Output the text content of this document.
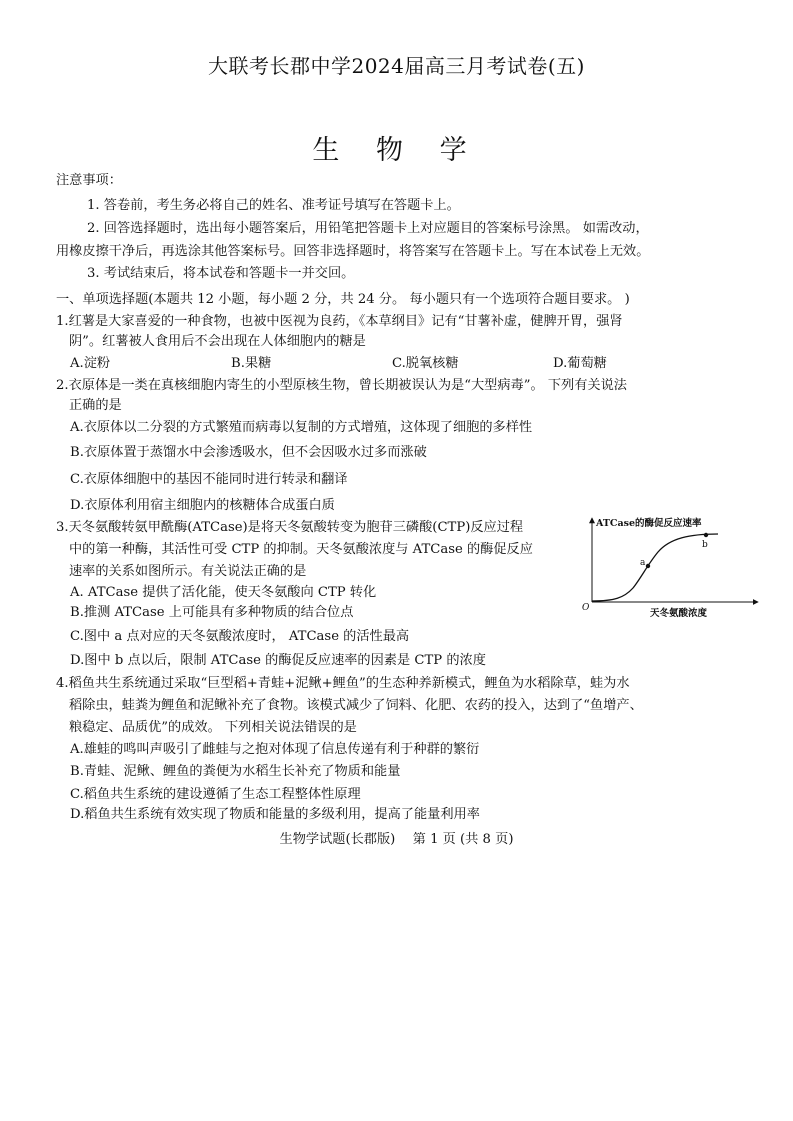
大联考长郡中学2024届高三月考试卷(五)
生 物 学
注意事项：
1. 答卷前，考生务必将自己的姓名、准考证号填写在答题卡上。
2. 回答选择题时，选出每小题答案后，用铅笔把答题卡上对应题目的答案标号涂黑。 如需改动，
用橡皮擦干净后，再选涂其他答案标号。回答非选择题时，将答案写在答题卡上。写在本试卷上无效。
3. 考试结束后，将本试卷和答题卡一并交回。
一、单项选择题(本题共 12 小题，每小题 2 分，共 24 分。 每小题只有一个选项符合题目要求。 )
1.红薯是大家喜爱的一种食物，也被中医视为良药，《本草纲目》记有“甘薯补虚，健脾开胃，强肾
阴”。红薯被人食用后不会出现在人体细胞内的糖是
A.淀粉	B.果糖	C.脱氧核糖	D.葡萄糖
2.衣原体是一类在真核细胞内寄生的小型原核生物，曾长期被误认为是“大型病毒”。 下列有关说法
正确的是
A.衣原体以二分裂的方式繁殖而病毒以复制的方式增殖，这体现了细胞的多样性
B.衣原体置于蒸馏水中会渗透吸水，但不会因吸水过多而涨破
C.衣原体细胞中的基因不能同时进行转录和翻译
D.衣原体利用宿主细胞内的核糖体合成蛋白质
3.天冬氨酸转氨甲酰酶(ATCase)是将天冬氨酸转变为胞苷三磷酸(CTP)反应过程
中的第一种酶，其活性可受 CTP 的抑制。天冬氨酸浓度与 ATCase 的酶促反应
速率的关系如图所示。有关说法正确的是
A. ATCase 提供了活化能，使天冬氨酸向 CTP 转化
B.推测 ATCase 上可能具有多种物质的结合位点
C.图中 a 点对应的天冬氨酸浓度时， ATCase 的活性最高
D.图中 b 点以后，限制 ATCase 的酶促反应速率的因素是 CTP 的浓度
a
b
ATCase的酶促反应速率
天冬氨酸浓度
O
4.稻鱼共生系统通过采取“巨型稻+青蛙+泥鳅+鲤鱼”的生态种养新模式，鲤鱼为水稻除草，蛙为水
稻除虫，蛙粪为鲤鱼和泥鳅补充了食物。该模式减少了饲料、化肥、农药的投入，达到了“鱼增产、
粮稳定、品质优”的成效。 下列相关说法错误的是
A.雄蛙的鸣叫声吸引了雌蛙与之抱对体现了信息传递有利于种群的繁衍
B.青蛙、泥鳅、鲤鱼的粪便为水稻生长补充了物质和能量
C.稻鱼共生系统的建设遵循了生态工程整体性原理
D.稻鱼共生系统有效实现了物质和能量的多级利用，提高了能量利用率
生物学试题(长郡版)　 第 1 页 (共 8 页)
